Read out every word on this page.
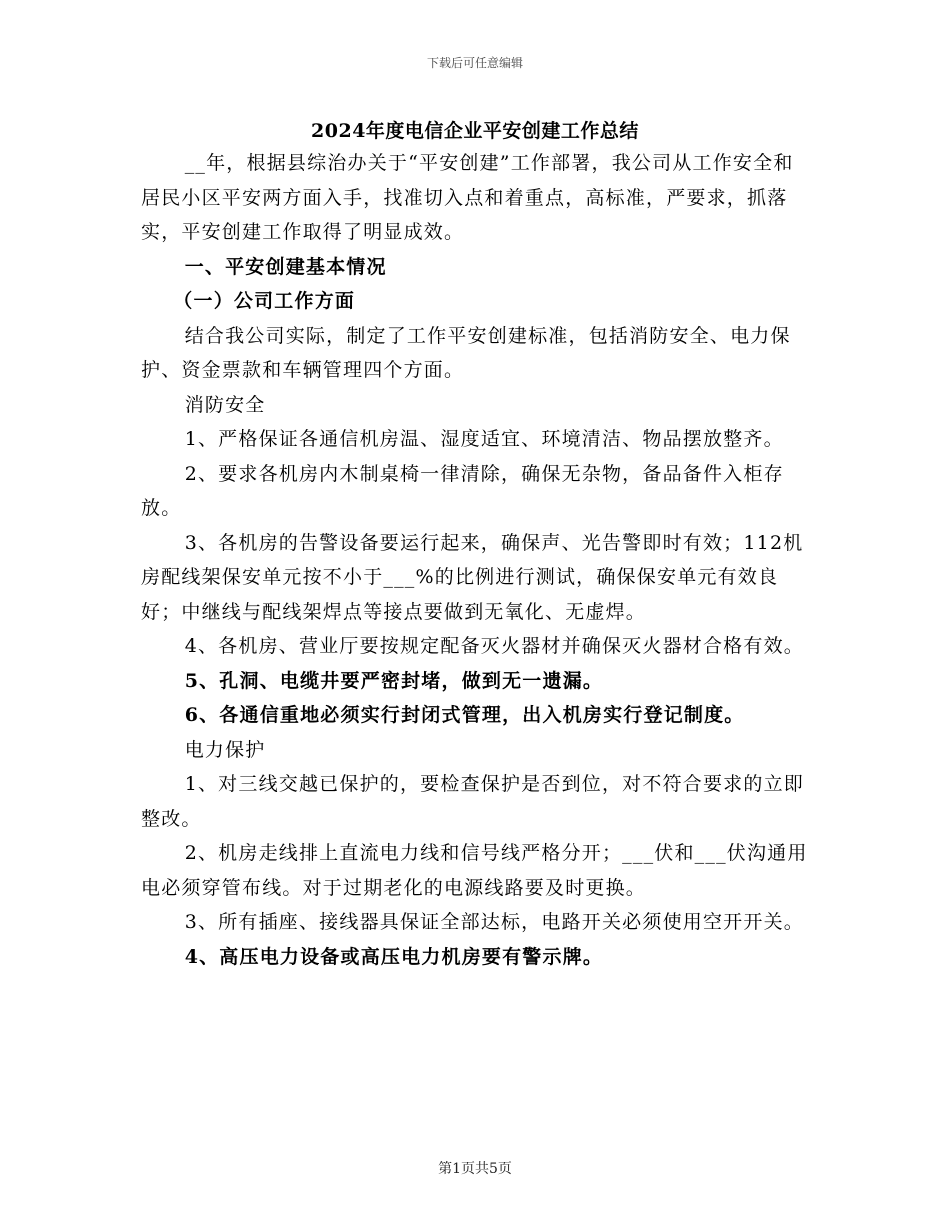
下载后可任意编辑
2024年度电信企业平安创建工作总结

__年，根据县综治办关于“平安创建”工作部署，我公司从工作安全和居民小区平安两方面入手，找准切入点和着重点，高标准，严要求，抓落实，平安创建工作取得了明显成效。

一、平安创建基本情况

（一）公司工作方面

结合我公司实际，制定了工作平安创建标准，包括消防安全、电力保护、资金票款和车辆管理四个方面。

消防安全

1、严格保证各通信机房温、湿度适宜、环境清洁、物品摆放整齐。

2、要求各机房内木制桌椅一律清除，确保无杂物，备品备件入柜存放。

3、各机房的告警设备要运行起来，确保声、光告警即时有效；112机房配线架保安单元按不小于___%的比例进行测试，确保保安单元有效良好；中继线与配线架焊点等接点要做到无氧化、无虚焊。

4、各机房、营业厅要按规定配备灭火器材并确保灭火器材合格有效。

5、孔洞、电缆井要严密封堵，做到无一遗漏。

6、各通信重地必须实行封闭式管理，出入机房实行登记制度。

电力保护

1、对三线交越已保护的，要检查保护是否到位，对不符合要求的立即整改。

2、机房走线排上直流电力线和信号线严格分开；___伏和___伏沟通用电必须穿管布线。对于过期老化的电源线路要及时更换。

3、所有插座、接线器具保证全部达标，电路开关必须使用空开开关。

4、高压电力设备或高压电力机房要有警示牌。

第1页共5页
